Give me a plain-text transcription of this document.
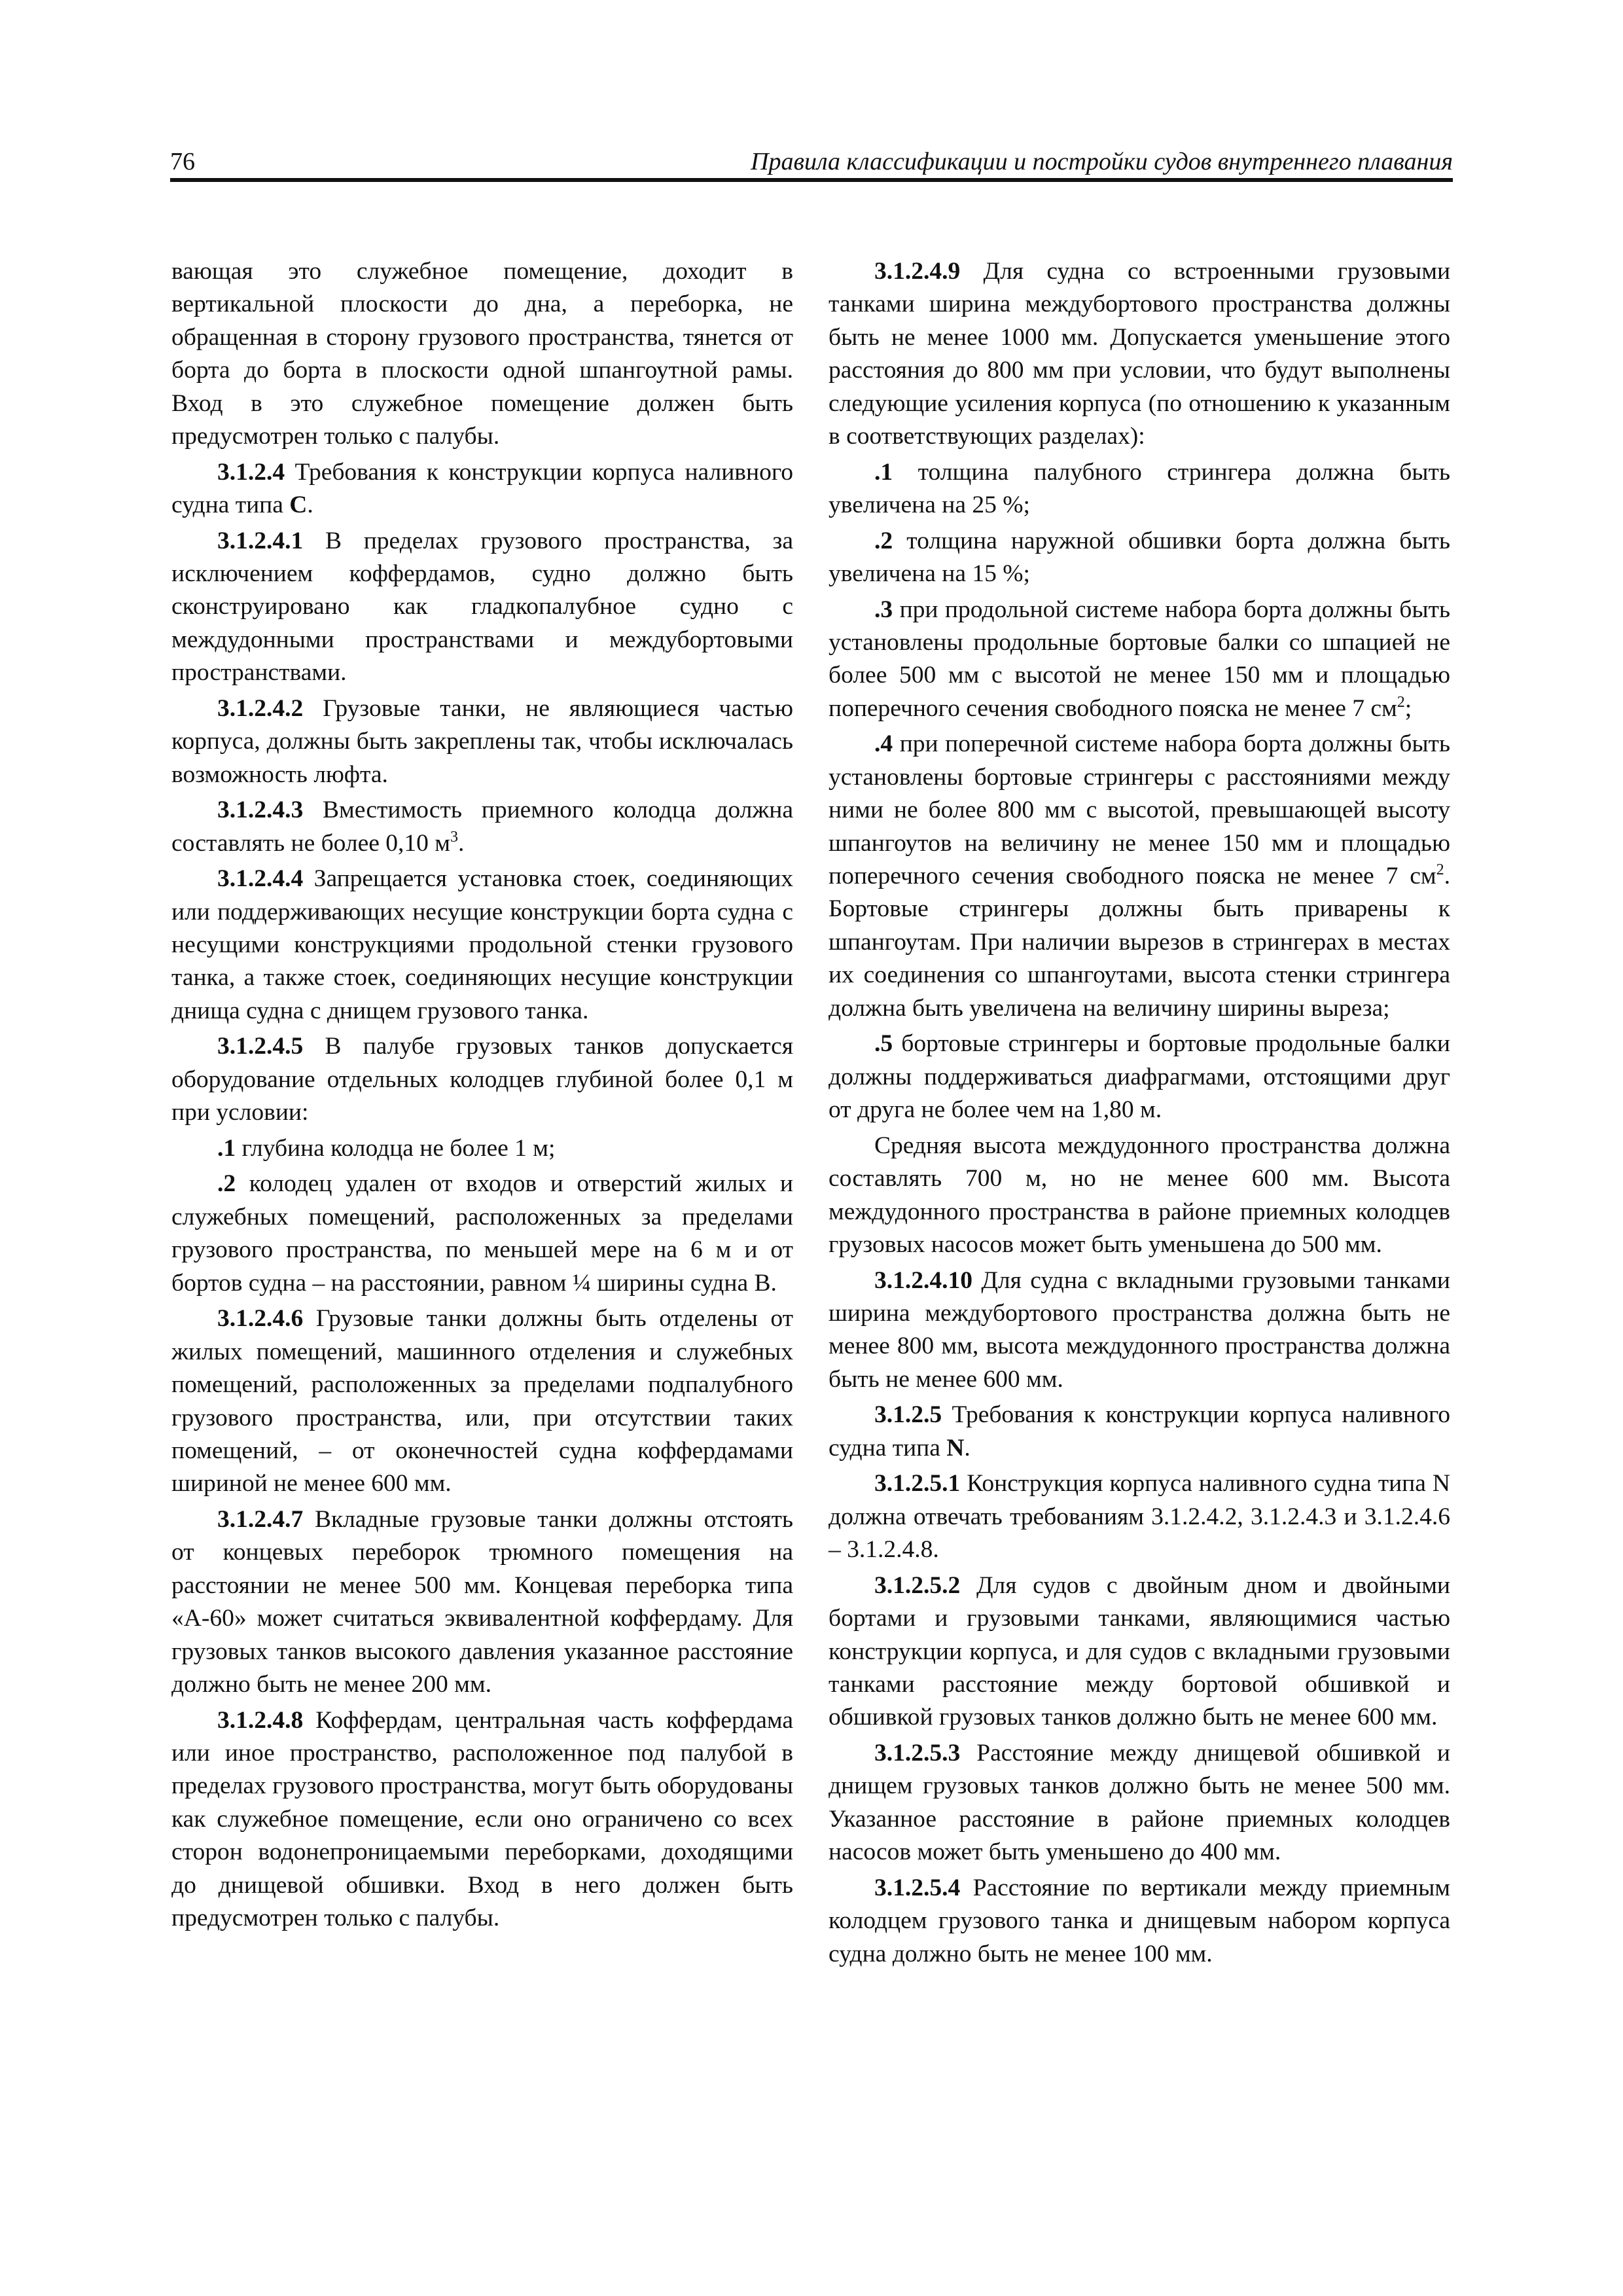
76	Правила классификации и постройки судов внутреннего плавания

вающая это служебное помещение, доходит в вертикальной плоскости до дна, а переборка, не обращенная в сторону грузового пространства, тянется от борта до борта в плоскости одной шпангоутной рамы. Вход в это служебное помещение должен быть предусмотрен только с палубы.

3.1.2.4 Требования к конструкции корпуса наливного судна типа С.

3.1.2.4.1 В пределах грузового пространства, за исключением коффердамов, судно должно быть сконструировано как гладкопалубное судно с междудонными пространствами и междубортовыми пространствами.

3.1.2.4.2 Грузовые танки, не являющиеся частью корпуса, должны быть закреплены так, чтобы исключалась возможность люфта.

3.1.2.4.3 Вместимость приемного колодца должна составлять не более 0,10 $м^3$.

3.1.2.4.4 Запрещается установка стоек, соединяющих или поддерживающих несущие конструкции борта судна с несущими конструкциями продольной стенки грузового танка, а также стоек, соединяющих несущие конструкции днища судна с днищем грузового танка.

3.1.2.4.5 В палубе грузовых танков допускается оборудование отдельных колодцев глубиной более 0,1 м при условии:

.1 глубина колодца не более 1 м;

.2 колодец удален от входов и отверстий жилых и служебных помещений, расположенных за пределами грузового пространства, по меньшей мере на 6 м и от бортов судна – на расстоянии, равном ¼ ширины судна B.

3.1.2.4.6 Грузовые танки должны быть отделены от жилых помещений, машинного отделения и служебных помещений, расположенных за пределами подпалубного грузового пространства, или, при отсутствии таких помещений, – от оконечностей судна коффердамами шириной не менее 600 мм.

3.1.2.4.7 Вкладные грузовые танки должны отстоять от концевых переборок трюмного помещения на расстоянии не менее 500 мм. Концевая переборка типа «А-60» может считаться эквивалентной коффердаму. Для грузовых танков высокого давления указанное расстояние должно быть не менее 200 мм.

3.1.2.4.8 Коффердам, центральная часть коффердама или иное пространство, расположенное под палубой в пределах грузового пространства, могут быть оборудованы как служебное помещение, если оно ограничено со всех сторон водонепроницаемыми переборками, доходящими до днищевой обшивки. Вход в него должен быть предусмотрен только с палубы.

3.1.2.4.9 Для судна со встроенными грузовыми танками ширина междубортового пространства должны быть не менее 1000 мм. Допускается уменьшение этого расстояния до 800 мм при условии, что будут выполнены следующие усиления корпуса (по отношению к указанным в соответствующих разделах):

.1 толщина палубного стрингера должна быть увеличена на 25 %;

.2 толщина наружной обшивки борта должна быть увеличена на 15 %;

.3 при продольной системе набора борта должны быть установлены продольные бортовые балки со шпацией не более 500 мм с высотой не менее 150 мм и площадью поперечного сечения свободного пояска не менее 7 $см^2$;

.4 при поперечной системе набора борта должны быть установлены бортовые стрингеры с расстояниями между ними не более 800 мм с высотой, превышающей высоту шпангоутов на величину не менее 150 мм и площадью поперечного сечения свободного пояска не менее 7 $см^2$. Бортовые стрингеры должны быть приварены к шпангоутам. При наличии вырезов в стрингерах в местах их соединения со шпангоутами, высота стенки стрингера должна быть увеличена на величину ширины выреза;

.5 бортовые стрингеры и бортовые продольные балки должны поддерживаться диафрагмами, отстоящими друг от друга не более чем на 1,80 м.

Средняя высота междудонного пространства должна составлять 700 м, но не менее 600 мм. Высота междудонного пространства в районе приемных колодцев грузовых насосов может быть уменьшена до 500 мм.

3.1.2.4.10 Для судна с вкладными грузовыми танками ширина междубортового пространства должна быть не менее 800 мм, высота междудонного пространства должна быть не менее 600 мм.

3.1.2.5 Требования к конструкции корпуса наливного судна типа N.

3.1.2.5.1 Конструкция корпуса наливного судна типа N должна отвечать требованиям 3.1.2.4.2, 3.1.2.4.3 и 3.1.2.4.6 – 3.1.2.4.8.

3.1.2.5.2 Для судов с двойным дном и двойными бортами и грузовыми танками, являющимися частью конструкции корпуса, и для судов с вкладными грузовыми танками расстояние между бортовой обшивкой и обшивкой грузовых танков должно быть не менее 600 мм.

3.1.2.5.3 Расстояние между днищевой обшивкой и днищем грузовых танков должно быть не менее 500 мм. Указанное расстояние в районе приемных колодцев насосов может быть уменьшено до 400 мм.

3.1.2.5.4 Расстояние по вертикали между приемным колодцем грузового танка и днищевым набором корпуса судна должно быть не менее 100 мм.
